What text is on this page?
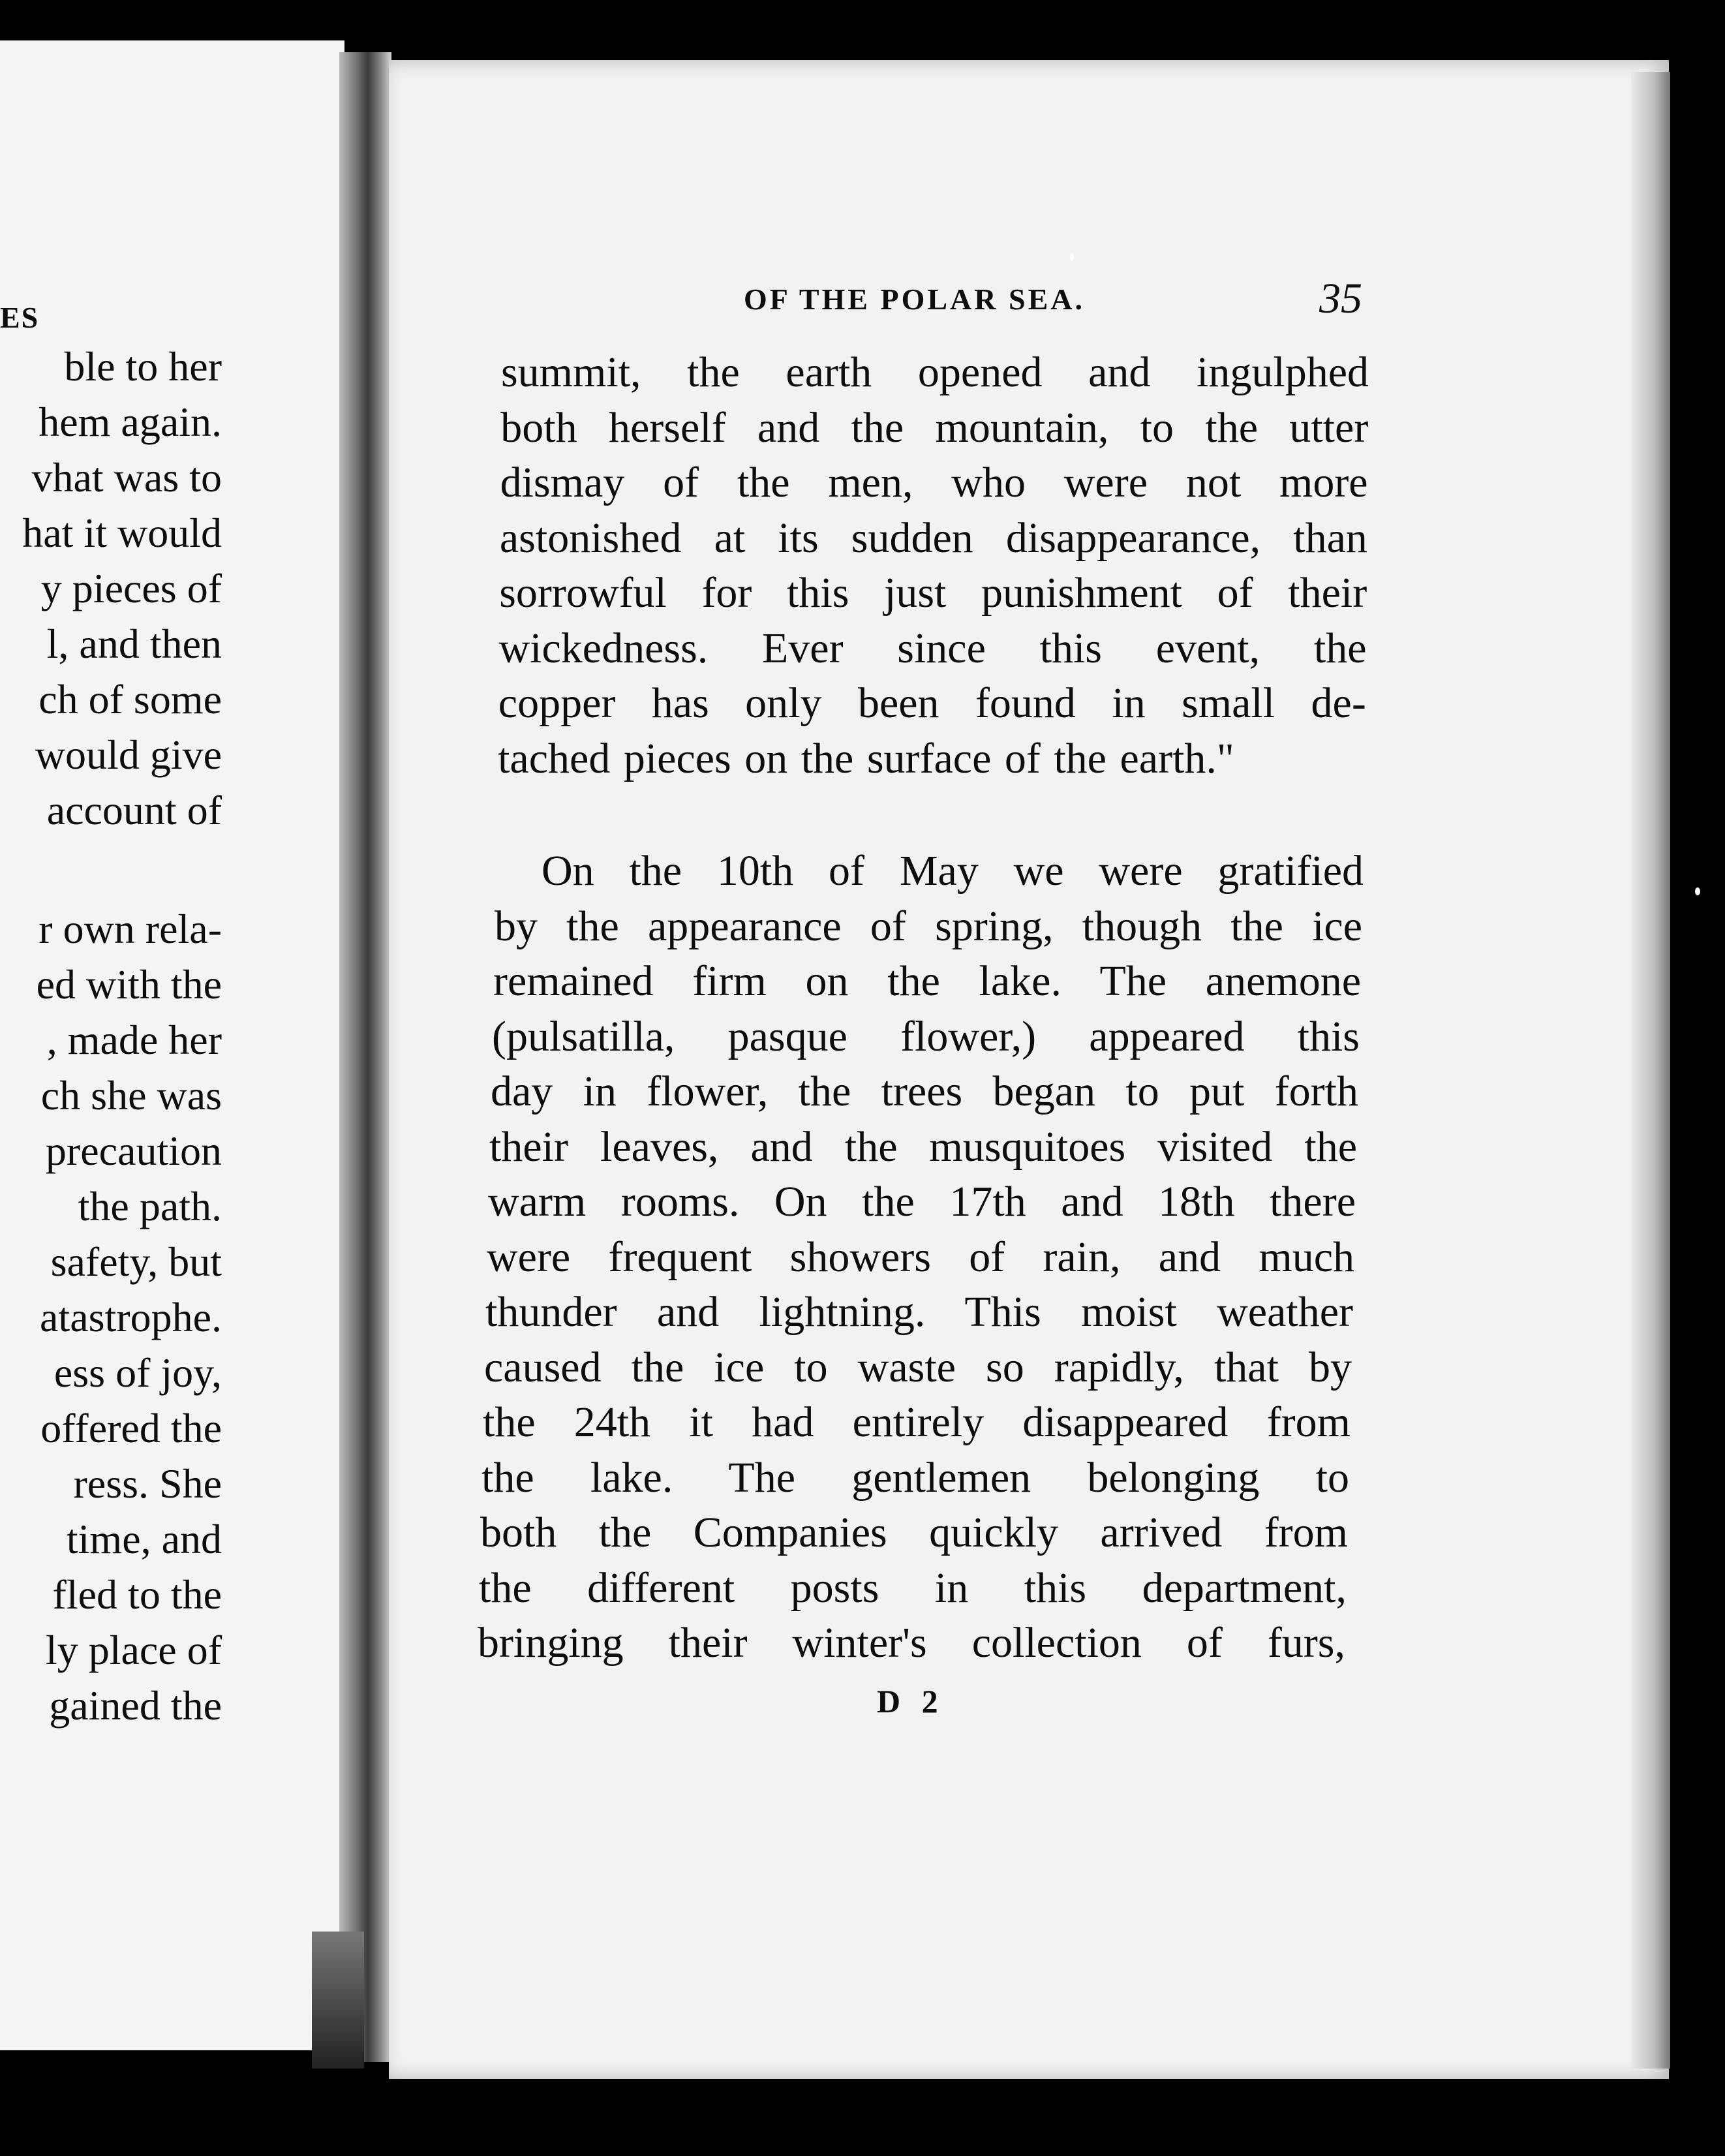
ES
ble to her
hem again.
vhat was to
hat it would
y pieces of
l, and then
ch of some
would give
account of
r own rela-
ed with the
, made her
ch she was
precaution
the path.
safety, but
atastrophe.
ess of joy,
offered the
ress. She
time, and
fled to the
ly place of
gained the
OF THE POLAR SEA.	35
summit, the earth opened and ingulphed
both herself and the mountain, to the utter
dismay of the men, who were not more
astonished at its sudden disappearance, than
sorrowful for this just punishment of their
wickedness. Ever since this event, the
copper has only been found in small de-
tached pieces on the surface of the earth."
On the 10th of May we were gratified
by the appearance of spring, though the ice
remained firm on the lake. The anemone
(pulsatilla, pasque flower,) appeared this
day in flower, the trees began to put forth
their leaves, and the musquitoes visited the
warm rooms. On the 17th and 18th there
were frequent showers of rain, and much
thunder and lightning. This moist weather
caused the ice to waste so rapidly, that by
the 24th it had entirely disappeared from
the lake. The gentlemen belonging to
both the Companies quickly arrived from
the different posts in this department,
bringing their winter's collection of furs,
D 2
